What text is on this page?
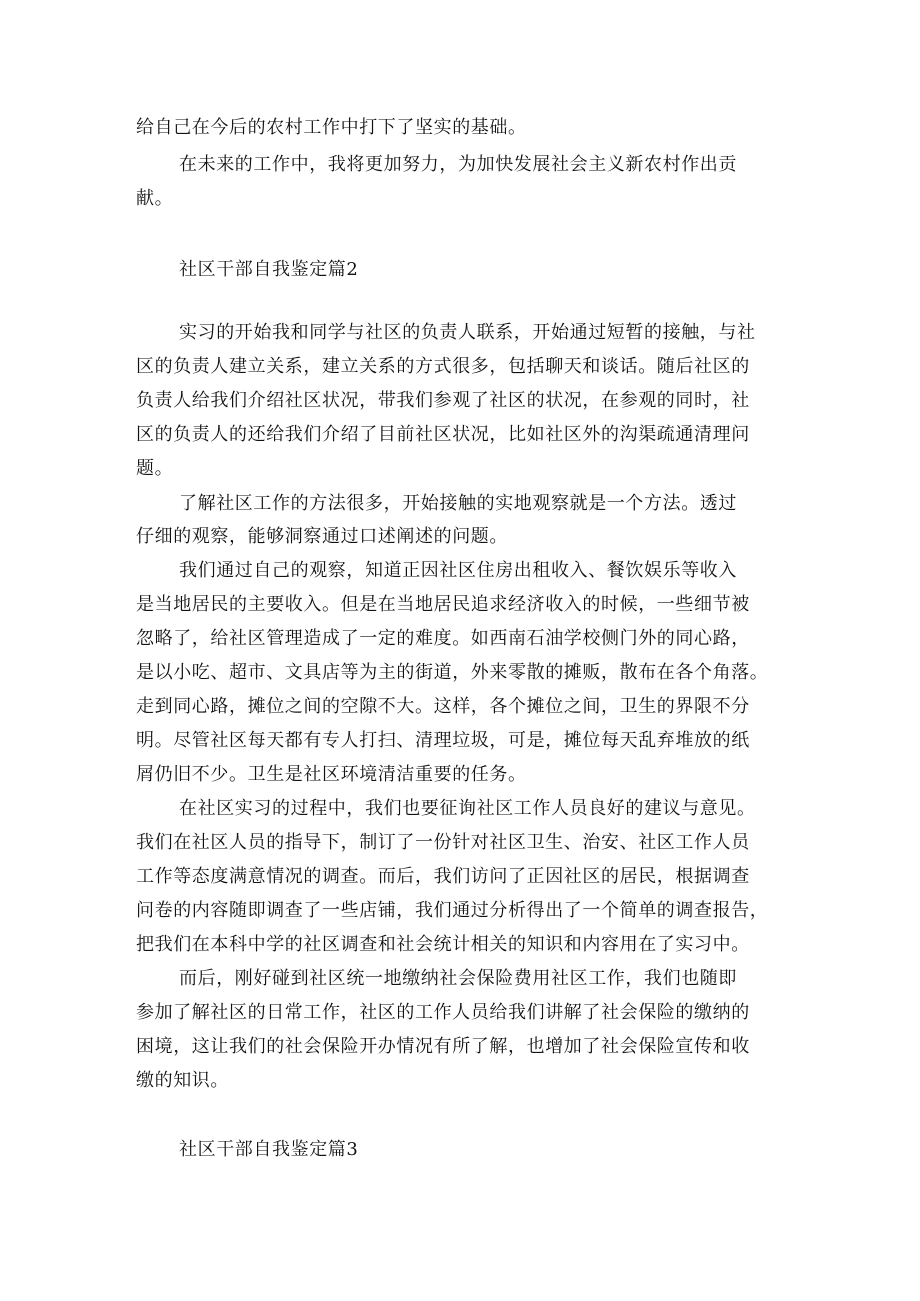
给自己在今后的农村工作中打下了坚实的基础。

在未来的工作中，我将更加努力，为加快发展社会主义新农村作出贡

献。

社区干部自我鉴定篇2

实习的开始我和同学与社区的负责人联系，开始通过短暂的接触，与社

区的负责人建立关系，建立关系的方式很多，包括聊天和谈话。随后社区的

负责人给我们介绍社区状况，带我们参观了社区的状况，在参观的同时，社

区的负责人的还给我们介绍了目前社区状况，比如社区外的沟渠疏通清理问

题。

了解社区工作的方法很多，开始接触的实地观察就是一个方法。透过

仔细的观察，能够洞察通过口述阐述的问题。

我们通过自己的观察，知道正因社区住房出租收入、餐饮娱乐等收入

是当地居民的主要收入。但是在当地居民追求经济收入的时候，一些细节被

忽略了，给社区管理造成了一定的难度。如西南石油学校侧门外的同心路，

是以小吃、超市、文具店等为主的街道，外来零散的摊贩，散布在各个角落。

走到同心路，摊位之间的空隙不大。这样，各个摊位之间，卫生的界限不分

明。尽管社区每天都有专人打扫、清理垃圾，可是，摊位每天乱弃堆放的纸

屑仍旧不少。卫生是社区环境清洁重要的任务。

在社区实习的过程中，我们也要征询社区工作人员良好的建议与意见。

我们在社区人员的指导下，制订了一份针对社区卫生、治安、社区工作人员

工作等态度满意情况的调查。而后，我们访问了正因社区的居民，根据调查

问卷的内容随即调查了一些店铺，我们通过分析得出了一个简单的调查报告，

把我们在本科中学的社区调查和社会统计相关的知识和内容用在了实习中。

而后，刚好碰到社区统一地缴纳社会保险费用社区工作，我们也随即

参加了解社区的日常工作，社区的工作人员给我们讲解了社会保险的缴纳的

困境，这让我们的社会保险开办情况有所了解，也增加了社会保险宣传和收

缴的知识。

社区干部自我鉴定篇3
